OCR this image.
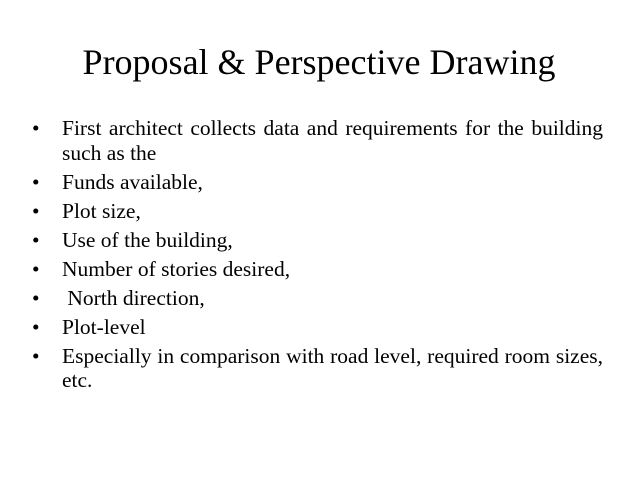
Proposal & Perspective Drawing
•	First architect collects data and requirements for the building such as the
•	Funds available,
•	Plot size,
•	Use of the building,
•	Number of stories desired,
•	North direction,
•	Plot-level
•	Especially in comparison with road level, required room sizes, etc.
